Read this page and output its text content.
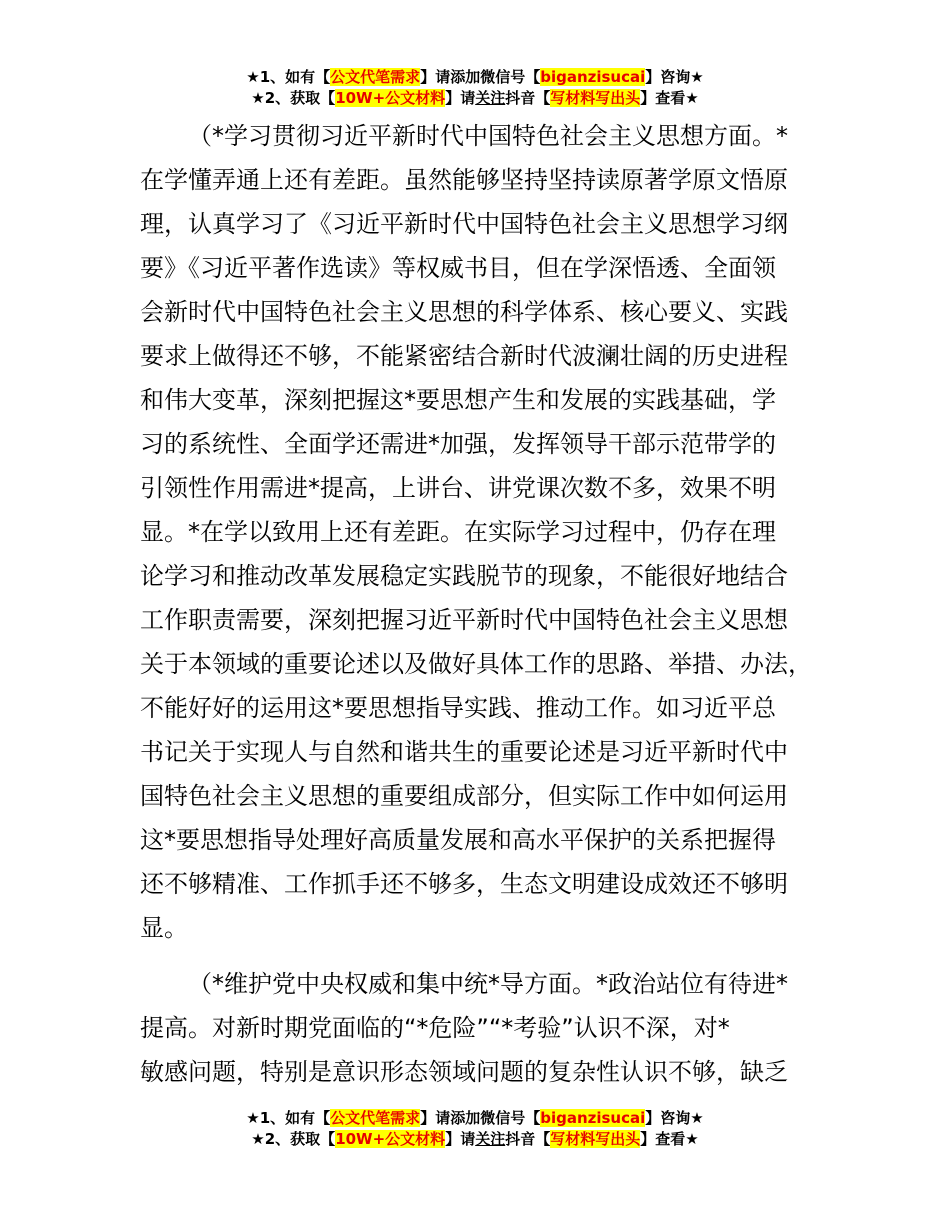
★1、如有【公文代笔需求】请添加微信号【biganzisucai】咨询★
★2、获取【10W+公文材料】请关注抖音【写材料写出头】查看★
（*学习贯彻习近平新时代中国特色社会主义思想方面。*
在学懂弄通上还有差距。虽然能够坚持坚持读原著学原文悟原
理，认真学习了《习近平新时代中国特色社会主义思想学习纲
要》《习近平著作选读》等权威书目，但在学深悟透、全面领
会新时代中国特色社会主义思想的科学体系、核心要义、实践
要求上做得还不够，不能紧密结合新时代波澜壮阔的历史进程
和伟大变革，深刻把握这*要思想产生和发展的实践基础，学
习的系统性、全面学还需进*加强，发挥领导干部示范带学的
引领性作用需进*提高，上讲台、讲党课次数不多，效果不明
显。*在学以致用上还有差距。在实际学习过程中，仍存在理
论学习和推动改革发展稳定实践脱节的现象，不能很好地结合
工作职责需要，深刻把握习近平新时代中国特色社会主义思想
关于本领域的重要论述以及做好具体工作的思路、举措、办法，
不能好好的运用这*要思想指导实践、推动工作。如习近平总
书记关于实现人与自然和谐共生的重要论述是习近平新时代中
国特色社会主义思想的重要组成部分，但实际工作中如何运用
这*要思想指导处理好高质量发展和高水平保护的关系把握得
还不够精准、工作抓手还不够多，生态文明建设成效还不够明
显。
（*维护党中央权威和集中统*导方面。*政治站位有待进*
提高。对新时期党面临的“*危险”“*考验”认识不深，对*
敏感问题，特别是意识形态领域问题的复杂性认识不够，缺乏
★1、如有【公文代笔需求】请添加微信号【biganzisucai】咨询★
★2、获取【10W+公文材料】请关注抖音【写材料写出头】查看★
